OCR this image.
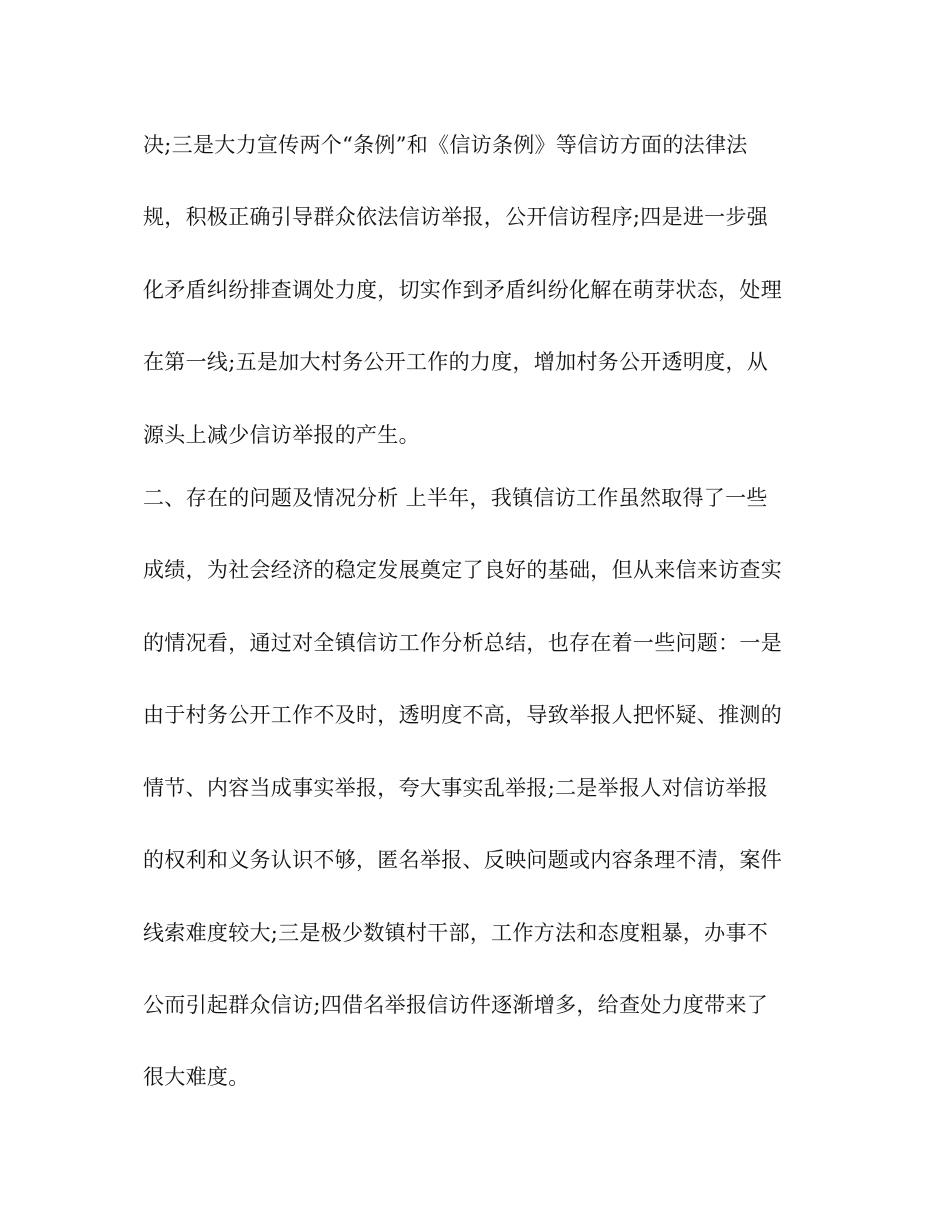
决;三是大力宣传两个“条例”和《信访条例》等信访方面的法律法
规，积极正确引导群众依法信访举报，公开信访程序;四是进一步强
化矛盾纠纷排查调处力度，切实作到矛盾纠纷化解在萌芽状态，处理
在第一线;五是加大村务公开工作的力度，增加村务公开透明度，从
源头上减少信访举报的产生。
二、存在的问题及情况分析 上半年，我镇信访工作虽然取得了一些
成绩，为社会经济的稳定发展奠定了良好的基础，但从来信来访查实
的情况看，通过对全镇信访工作分析总结，也存在着一些问题：一是
由于村务公开工作不及时，透明度不高，导致举报人把怀疑、推测的
情节、内容当成事实举报，夸大事实乱举报;二是举报人对信访举报
的权利和义务认识不够，匿名举报、反映问题或内容条理不清，案件
线索难度较大;三是极少数镇村干部，工作方法和态度粗暴，办事不
公而引起群众信访;四借名举报信访件逐渐增多，给查处力度带来了
很大难度。
